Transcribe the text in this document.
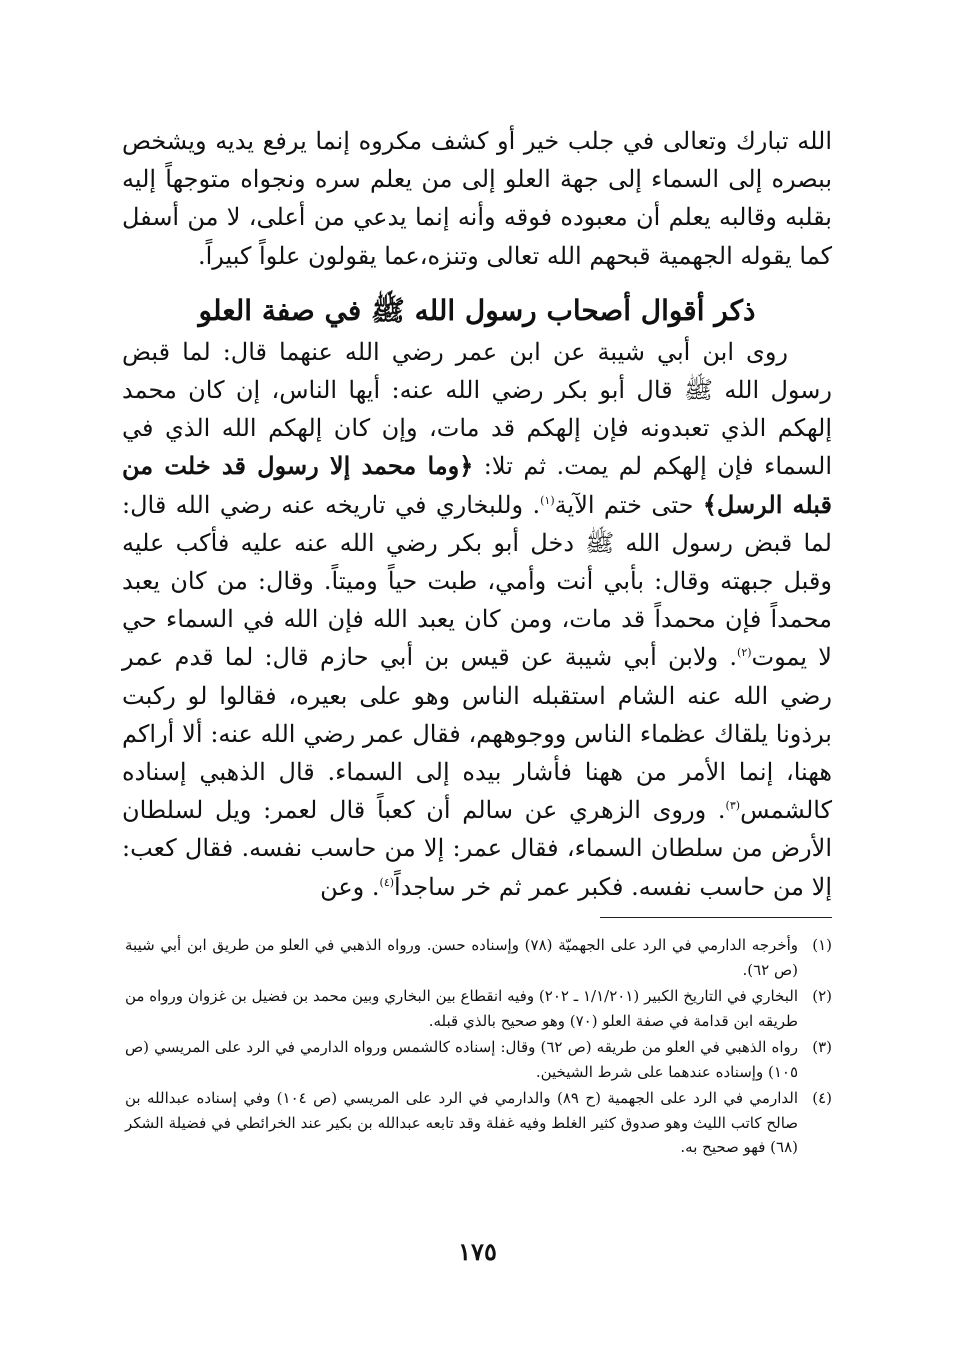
الله تبارك وتعالى في جلب خير أو كشف مكروه إنما يرفع يديه ويشخص ببصره إلى السماء إلى جهة العلو إلى من يعلم سره ونجواه متوجهاً إليه بقلبه وقالبه يعلم أن معبوده فوقه وأنه إنما يدعي من أعلى، لا من أسفل كما يقوله الجهمية قبحهم الله تعالى وتنزه،عما يقولون علواً كبيراً.

ذكر أقوال أصحاب رسول الله ﷺ في صفة العلو

روى ابن أبي شيبة عن ابن عمر رضي الله عنهما قال: لما قبض رسول الله ﷺ قال أبو بكر رضي الله عنه: أيها الناس، إن كان محمد إلهكم الذي تعبدونه فإن إلهكم قد مات، وإن كان إلهكم الله الذي في السماء فإن إلهكم لم يمت. ثم تلا: ﴿وما محمد إلا رسول قد خلت من قبله الرسل﴾ حتى ختم الآية$^{(١)}$. وللبخاري في تاريخه عنه رضي الله قال: لما قبض رسول الله ﷺ دخل أبو بكر رضي الله عنه عليه فأكب عليه وقبل جبهته وقال: بأبي أنت وأمي، طبت حياً وميتاً. وقال: من كان يعبد محمداً فإن محمداً قد مات، ومن كان يعبد الله فإن الله في السماء حي لا يموت$^{(٢)}$. ولابن أبي شيبة عن قيس بن أبي حازم قال: لما قدم عمر رضي الله عنه الشام استقبله الناس وهو على بعيره، فقالوا لو ركبت برذونا يلقاك عظماء الناس ووجوههم، فقال عمر رضي الله عنه: ألا أراكم ههنا، إنما الأمر من ههنا فأشار بيده إلى السماء. قال الذهبي إسناده كالشمس$^{(٣)}$. وروى الزهري عن سالم أن كعباً قال لعمر: ويل لسلطان الأرض من سلطان السماء، فقال عمر: إلا من حاسب نفسه. فقال كعب: إلا من حاسب نفسه. فكبر عمر ثم خر ساجداً$^{(٤)}$. وعن

(١)
وأخرجه الدارمي في الرد على الجهميّة (٧٨) وإسناده حسن. ورواه الذهبي في العلو من طريق ابن أبي شيبة (ص ٦٢).
(٢)
البخاري في التاريخ الكبير (١/١/٢٠١ ـ ٢٠٢) وفيه انقطاع بين البخاري وبين محمد بن فضيل بن غزوان ورواه من طريقه ابن قدامة في صفة العلو (٧٠) وهو صحيح بالذي قبله.
(٣)
رواه الذهبي في العلو من طريقه (ص ٦٢) وقال: إسناده كالشمس ورواه الدارمي في الرد على المريسي (ص ١٠٥) وإسناده عندهما على شرط الشيخين.
(٤)
الدارمي في الرد على الجهمية (ح ٨٩) والدارمي في الرد على المريسي (ص ١٠٤) وفي إسناده عبدالله بن صالح كاتب الليث وهو صدوق كثير الغلط وفيه غفلة وقد تابعه عبدالله بن بكير عند الخرائطي في فضيلة الشكر (٦٨) فهو صحيح به.
١٧٥
